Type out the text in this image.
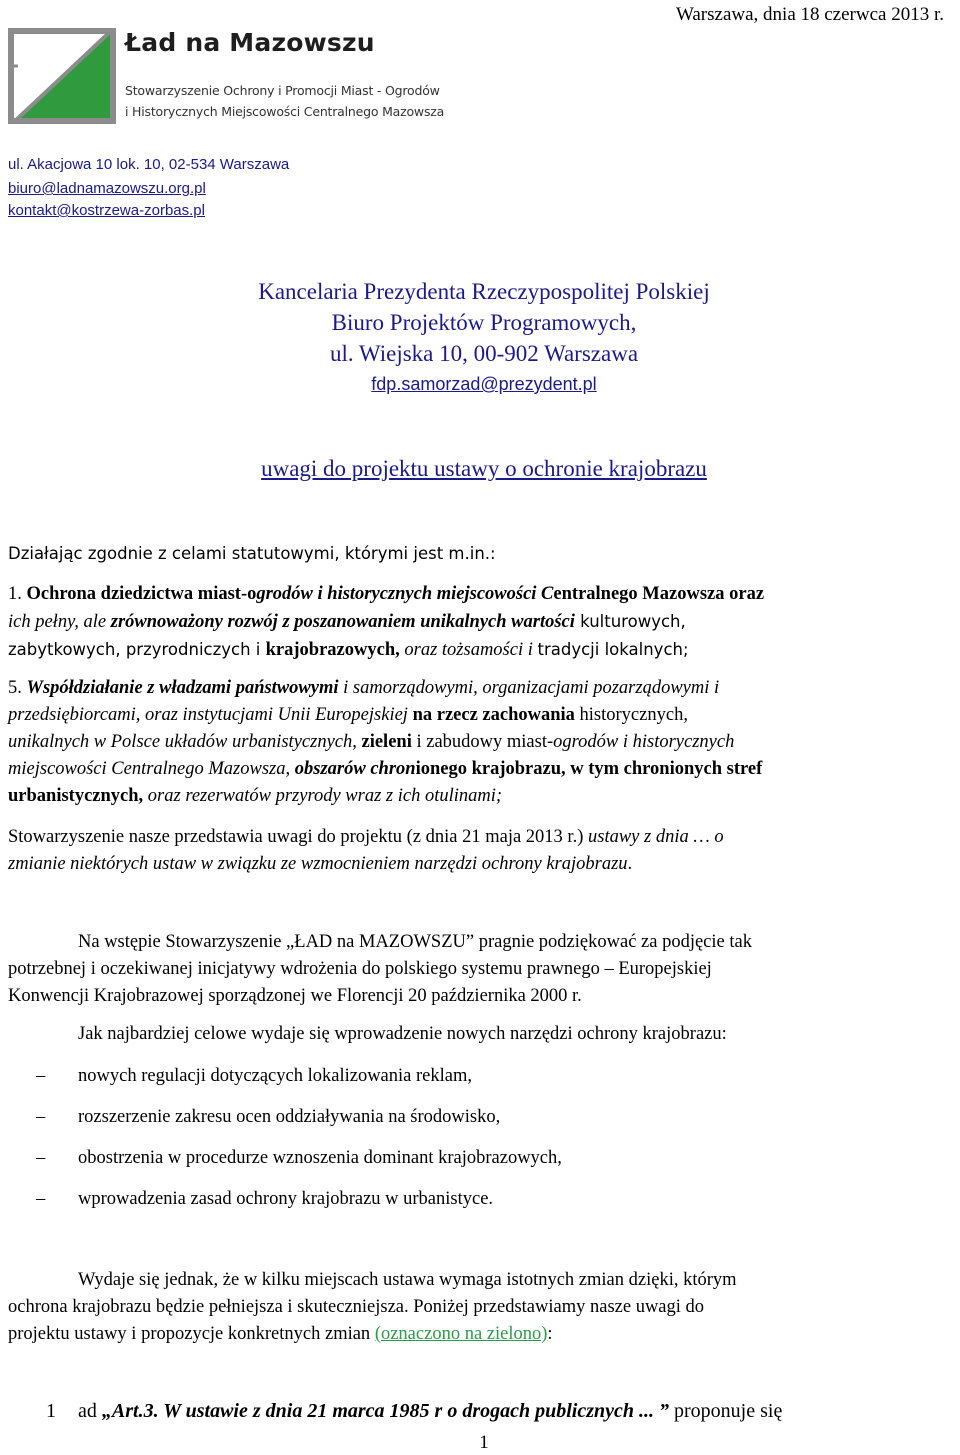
Warszawa, dnia 18 czerwca 2013 r.
Ład na Mazowszu
Stowarzyszenie Ochrony i Promocji Miast - Ogrodów
i Historycznych Miejscowości Centralnego Mazowsza
ul. Akacjowa 10 lok. 10, 02-534 Warszawa
biuro@ladnamazowszu.org.pl
kontakt@kostrzewa-zorbas.pl
Kancelaria Prezydenta Rzeczypospolitej Polskiej
Biuro Projektów Programowych,
ul. Wiejska 10, 00-902 Warszawa
fdp.samorzad@prezydent.pl
uwagi do projektu ustawy o ochronie krajobrazu
Działając zgodnie z celami statutowymi, którymi jest m.in.:
1. Ochrona dziedzictwa miast-ogrodów i historycznych miejscowości Centralnego Mazowsza oraz
ich pełny, ale zrównoważony rozwój z poszanowaniem unikalnych wartości kulturowych,
zabytkowych, przyrodniczych i krajobrazowych, oraz tożsamości i tradycji lokalnych;
5. Współdziałanie z władzami państwowymi i samorządowymi, organizacjami pozarządowymi i
przedsiębiorcami, oraz instytucjami Unii Europejskiej na rzecz zachowania historycznych,
unikalnych w Polsce układów urbanistycznych, zieleni i zabudowy miast-ogrodów i historycznych
miejscowości Centralnego Mazowsza, obszarów chronionego krajobrazu, w tym chronionych stref
urbanistycznych, oraz rezerwatów przyrody wraz z ich otulinami;
Stowarzyszenie nasze przedstawia uwagi do projektu (z dnia 21 maja 2013 r.) ustawy z dnia … o
zmianie niektórych ustaw w związku ze wzmocnieniem narzędzi ochrony krajobrazu.
Na wstępie Stowarzyszenie „ŁAD na MAZOWSZU” pragnie podziękować za podjęcie tak
potrzebnej i oczekiwanej inicjatywy wdrożenia do polskiego systemu prawnego – Europejskiej
Konwencji Krajobrazowej sporządzonej we Florencji 20 października 2000 r.
Jak najbardziej celowe wydaje się wprowadzenie nowych narzędzi ochrony krajobrazu:
– nowych regulacji dotyczących lokalizowania reklam,
– rozszerzenie zakresu ocen oddziaływania na środowisko,
– obostrzenia w procedurze wznoszenia dominant krajobrazowych,
– wprowadzenia zasad ochrony krajobrazu w urbanistyce.
Wydaje się jednak, że w kilku miejscach ustawa wymaga istotnych zmian dzięki, którym
ochrona krajobrazu będzie pełniejsza i skuteczniejsza. Poniżej przedstawiamy nasze uwagi do
projektu ustawy i propozycje konkretnych zmian (oznaczono na zielono):
1 ad „Art.3. W ustawie z dnia 21 marca 1985 r o drogach publicznych ... ” proponuje się
1
